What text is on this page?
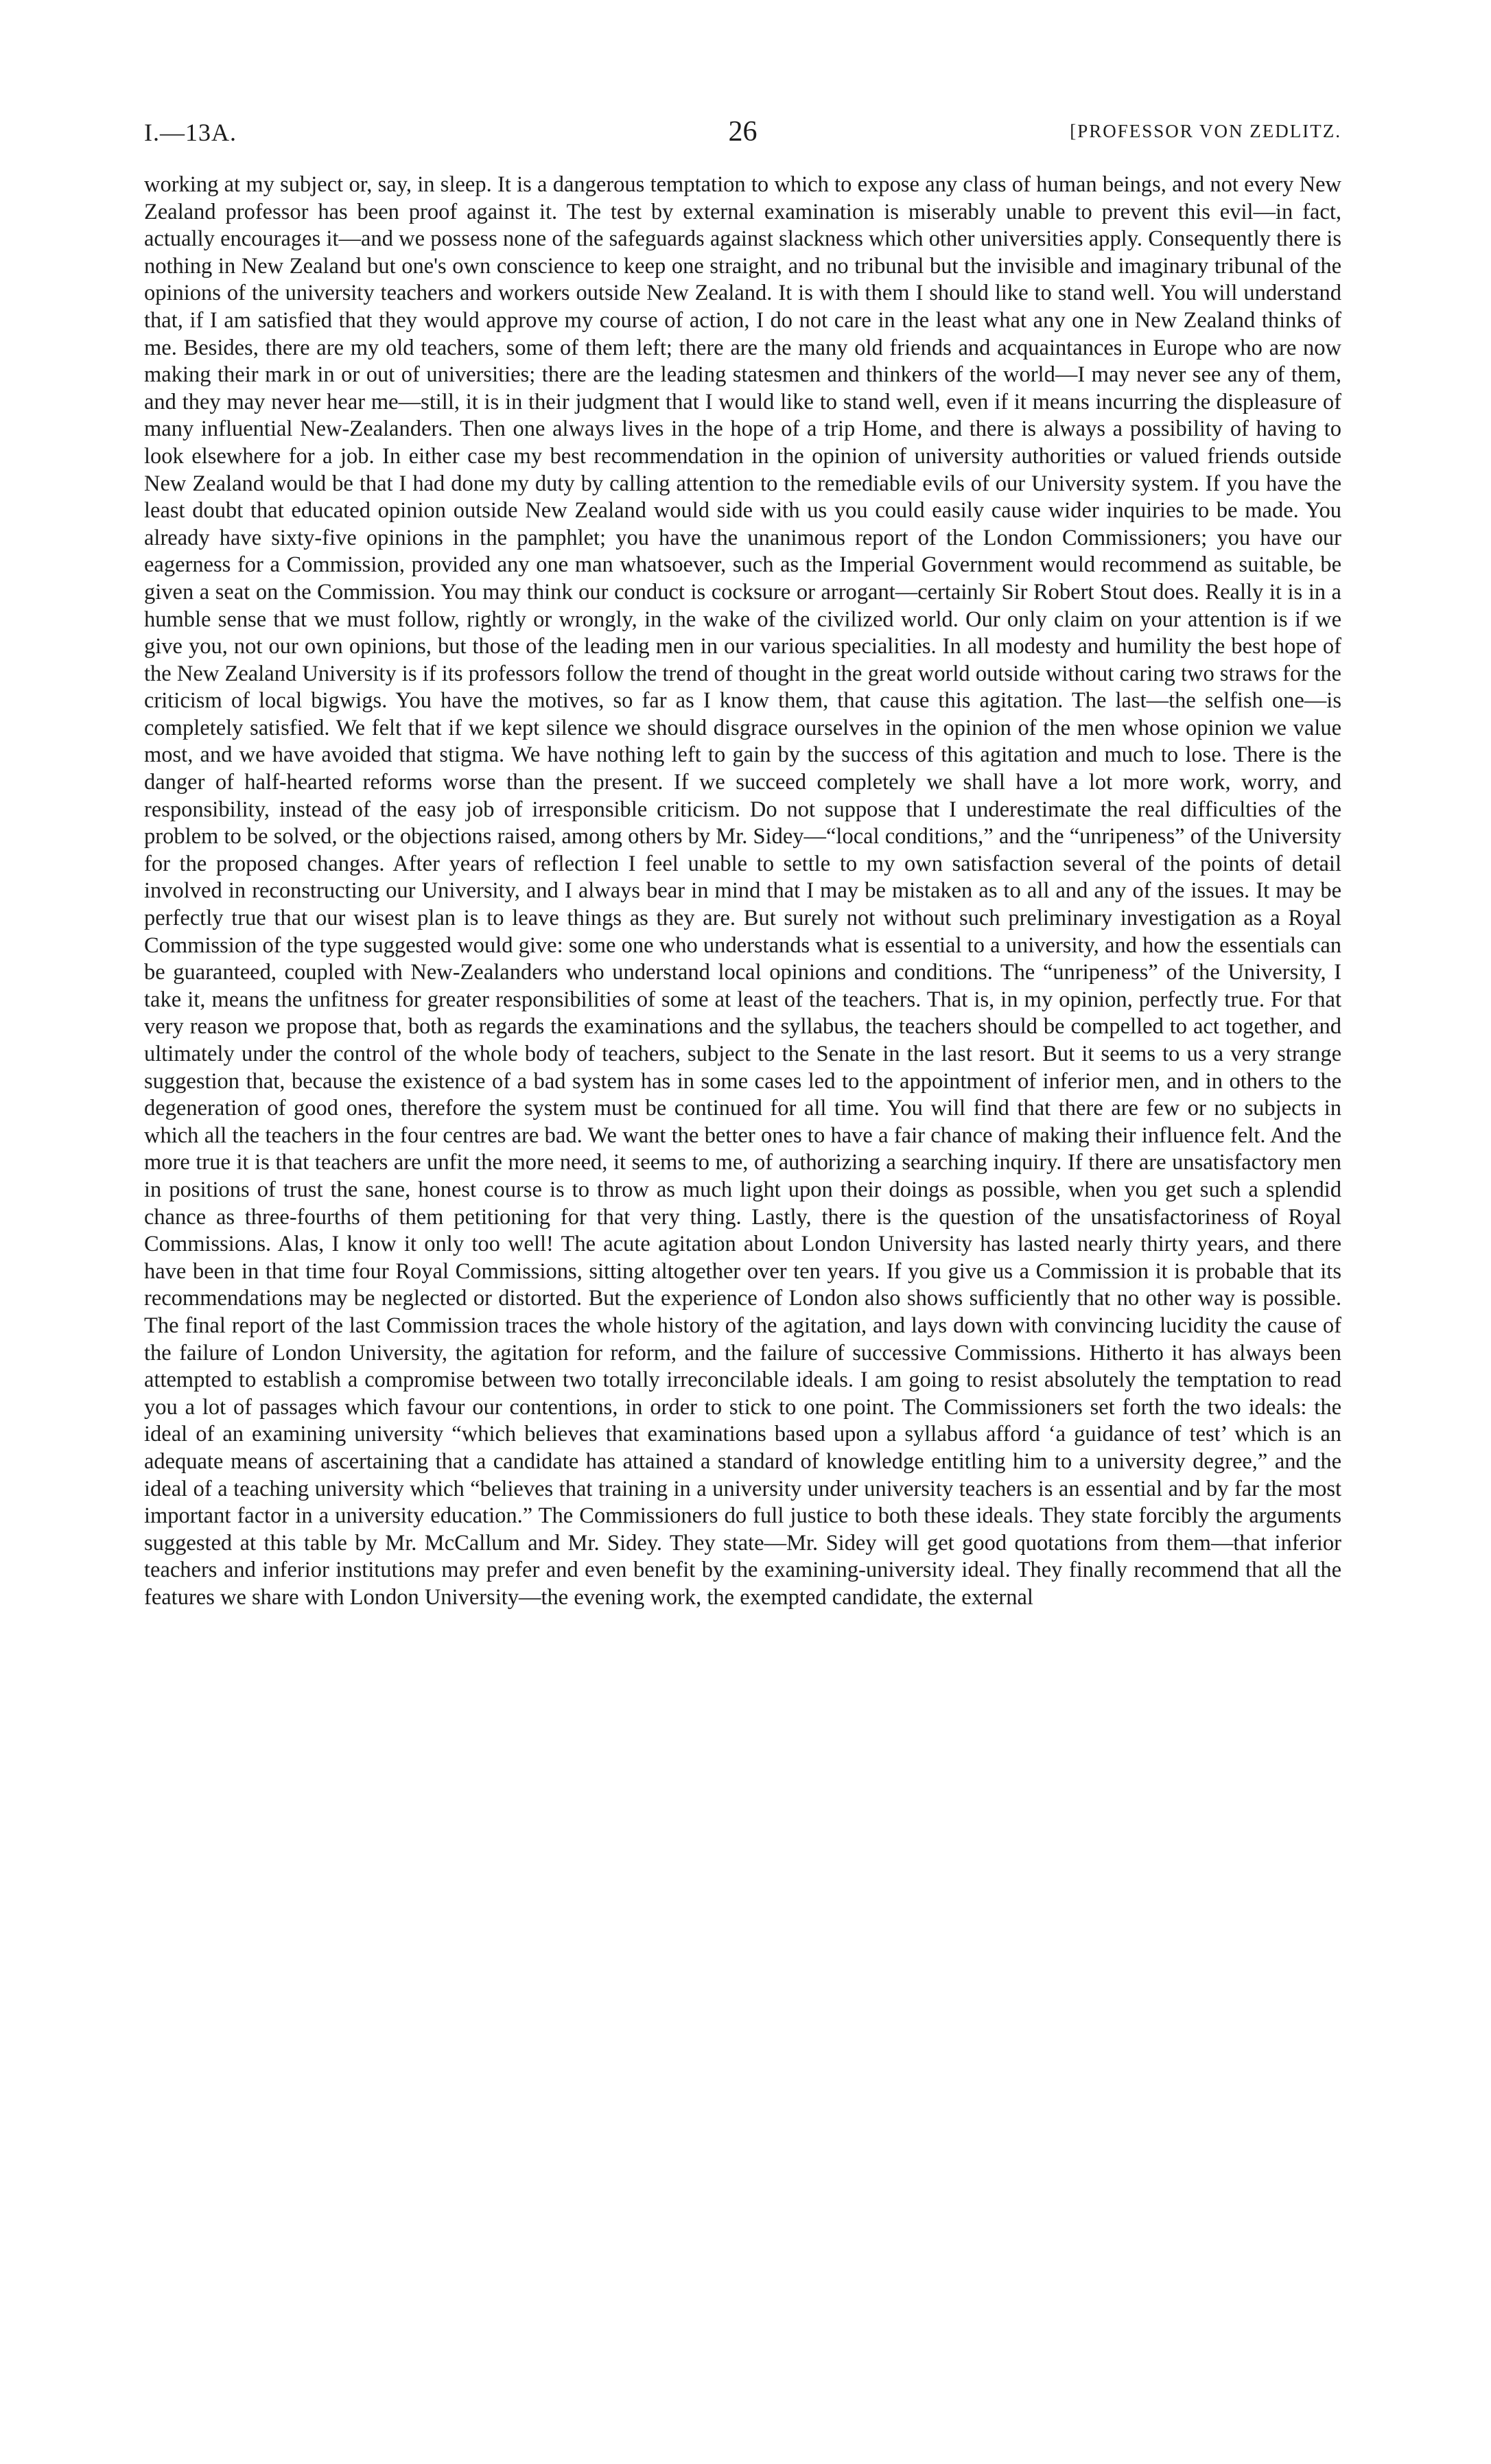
I.—13A.	26	[PROFESSOR VON ZEDLITZ.

working at my subject or, say, in sleep. It is a dangerous temptation to which to expose any class of human beings, and not every New Zealand professor has been proof against it. The test by external examination is miserably unable to prevent this evil—in fact, actually encourages it—and we possess none of the safeguards against slackness which other universities apply. Consequently there is nothing in New Zealand but one's own conscience to keep one straight, and no tribunal but the invisible and imaginary tribunal of the opinions of the university teachers and workers outside New Zealand. It is with them I should like to stand well. You will understand that, if I am satisfied that they would approve my course of action, I do not care in the least what any one in New Zealand thinks of me. Besides, there are my old teachers, some of them left; there are the many old friends and acquaintances in Europe who are now making their mark in or out of universities; there are the leading statesmen and thinkers of the world—I may never see any of them, and they may never hear me—still, it is in their judgment that I would like to stand well, even if it means incurring the displeasure of many influential New-Zealanders. Then one always lives in the hope of a trip Home, and there is always a possibility of having to look elsewhere for a job. In either case my best recommendation in the opinion of university authorities or valued friends outside New Zealand would be that I had done my duty by calling attention to the remediable evils of our University system. If you have the least doubt that educated opinion outside New Zealand would side with us you could easily cause wider inquiries to be made. You already have sixty-five opinions in the pamphlet; you have the unanimous report of the London Commissioners; you have our eagerness for a Commission, provided any one man whatsoever, such as the Imperial Government would recommend as suitable, be given a seat on the Commission. You may think our conduct is cocksure or arrogant—certainly Sir Robert Stout does. Really it is in a humble sense that we must follow, rightly or wrongly, in the wake of the civilized world. Our only claim on your attention is if we give you, not our own opinions, but those of the leading men in our various specialities. In all modesty and humility the best hope of the New Zealand University is if its professors follow the trend of thought in the great world outside without caring two straws for the criticism of local bigwigs. You have the motives, so far as I know them, that cause this agitation. The last—the selfish one—is completely satisfied. We felt that if we kept silence we should disgrace ourselves in the opinion of the men whose opinion we value most, and we have avoided that stigma. We have nothing left to gain by the success of this agitation and much to lose. There is the danger of half-hearted reforms worse than the present. If we succeed completely we shall have a lot more work, worry, and responsibility, instead of the easy job of irresponsible criticism. Do not suppose that I underestimate the real difficulties of the problem to be solved, or the objections raised, among others by Mr. Sidey—“local conditions,” and the “unripeness” of the University for the proposed changes. After years of reflection I feel unable to settle to my own satisfaction several of the points of detail involved in reconstructing our University, and I always bear in mind that I may be mistaken as to all and any of the issues. It may be perfectly true that our wisest plan is to leave things as they are. But surely not without such preliminary investigation as a Royal Commission of the type suggested would give: some one who understands what is essential to a university, and how the essentials can be guaranteed, coupled with New-Zealanders who understand local opinions and conditions. The “unripeness” of the University, I take it, means the unfitness for greater responsibilities of some at least of the teachers. That is, in my opinion, perfectly true. For that very reason we propose that, both as regards the examinations and the syllabus, the teachers should be compelled to act together, and ultimately under the control of the whole body of teachers, subject to the Senate in the last resort. But it seems to us a very strange suggestion that, because the existence of a bad system has in some cases led to the appointment of inferior men, and in others to the degeneration of good ones, therefore the system must be continued for all time. You will find that there are few or no subjects in which all the teachers in the four centres are bad. We want the better ones to have a fair chance of making their influence felt. And the more true it is that teachers are unfit the more need, it seems to me, of authorizing a searching inquiry. If there are unsatisfactory men in positions of trust the sane, honest course is to throw as much light upon their doings as possible, when you get such a splendid chance as three-fourths of them petitioning for that very thing. Lastly, there is the question of the unsatisfactoriness of Royal Commissions. Alas, I know it only too well! The acute agitation about London University has lasted nearly thirty years, and there have been in that time four Royal Commissions, sitting altogether over ten years. If you give us a Commission it is probable that its recommendations may be neglected or distorted. But the experience of London also shows sufficiently that no other way is possible. The final report of the last Commission traces the whole history of the agitation, and lays down with convincing lucidity the cause of the failure of London University, the agitation for reform, and the failure of successive Commissions. Hitherto it has always been attempted to establish a compromise between two totally irreconcilable ideals. I am going to resist absolutely the temptation to read you a lot of passages which favour our contentions, in order to stick to one point. The Commissioners set forth the two ideals: the ideal of an examining university “which believes that examinations based upon a syllabus afford ‘a guidance of test’ which is an adequate means of ascertaining that a candidate has attained a standard of knowledge entitling him to a university degree,” and the ideal of a teaching university which “believes that training in a university under university teachers is an essential and by far the most important factor in a university education.” The Commissioners do full justice to both these ideals. They state forcibly the arguments suggested at this table by Mr. McCallum and Mr. Sidey. They state—Mr. Sidey will get good quotations from them—that inferior teachers and inferior institutions may prefer and even benefit by the examining-university ideal. They finally recommend that all the features we share with London University—the evening work, the exempted candidate, the external
